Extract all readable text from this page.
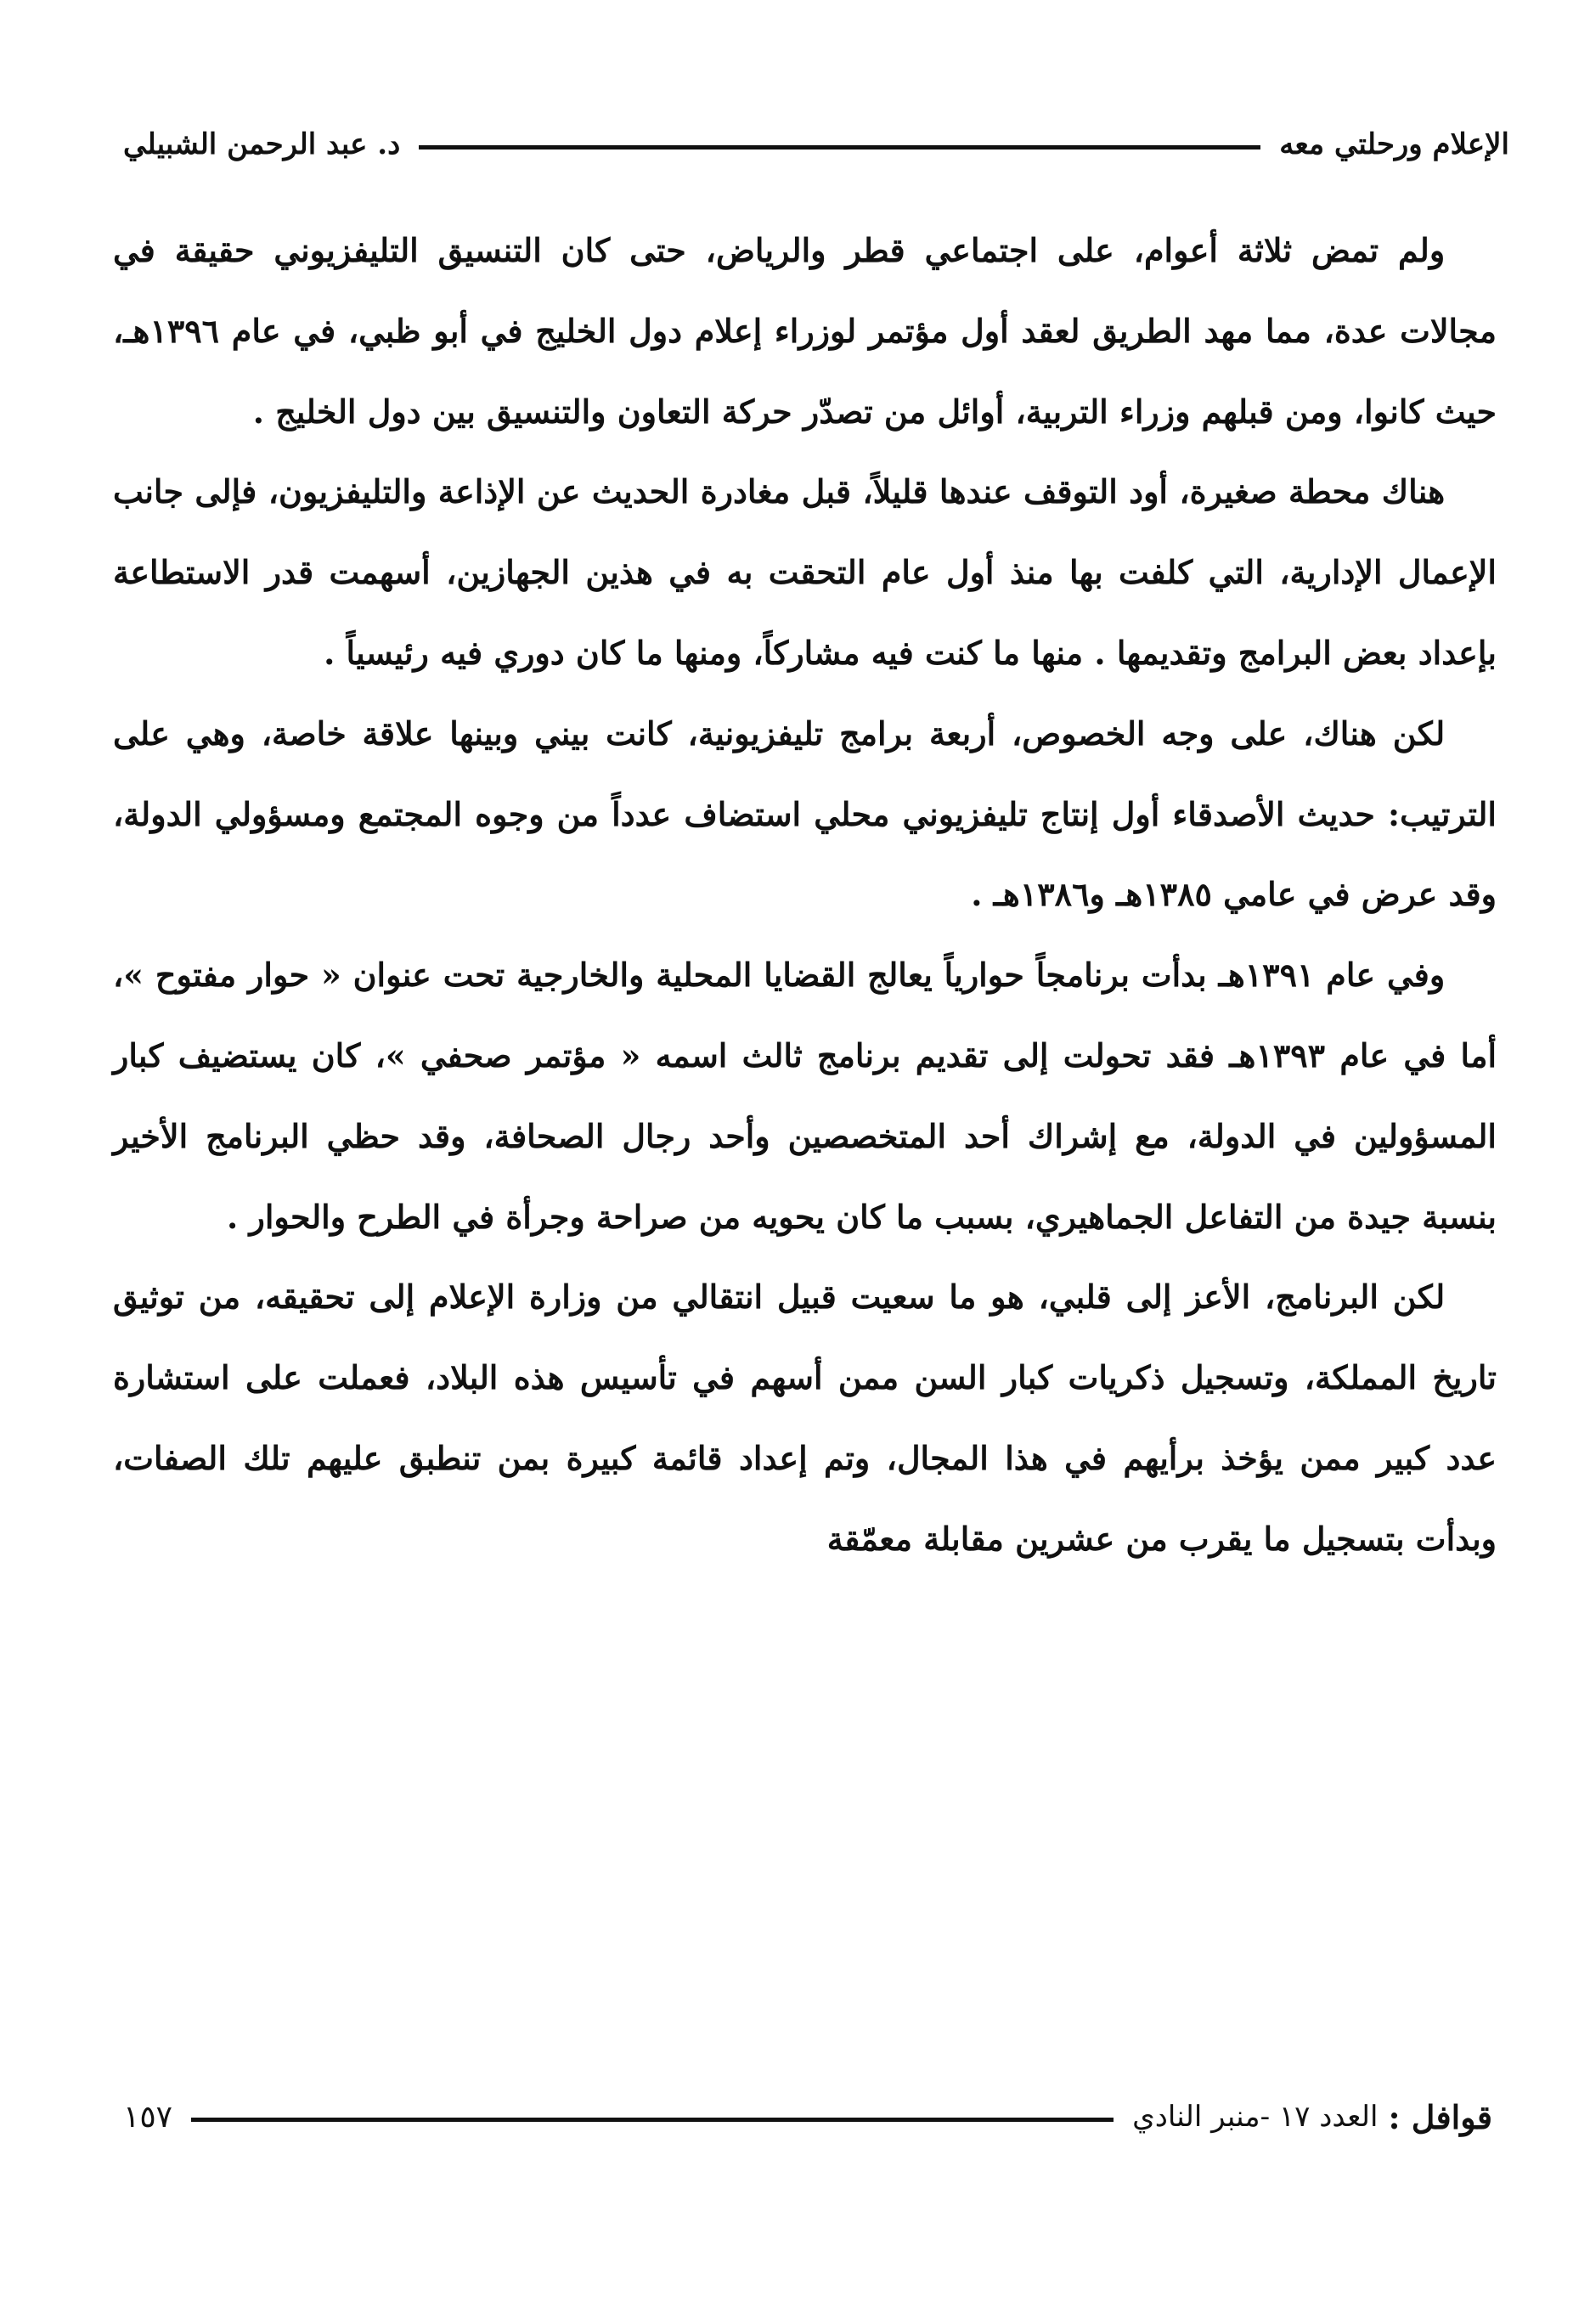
الإعلام ورحلتي معه
د. عبد الرحمن الشبيلي

ولم تمض ثلاثة أعوام، على اجتماعي قطر والرياض، حتى كان التنسيق التليفزيوني حقيقة في مجالات عدة، مما مهد الطريق لعقد أول مؤتمر لوزراء إعلام دول الخليج في أبو ظبي، في عام ١٣٩٦هـ، حيث كانوا، ومن قبلهم وزراء التربية، أوائل من تصدّر حركة التعاون والتنسيق بين دول الخليج .

هناك محطة صغيرة، أود التوقف عندها قليلاً، قبل مغادرة الحديث عن الإذاعة والتليفزيون، فإلى جانب الإعمال الإدارية، التي كلفت بها منذ أول عام التحقت به في هذين الجهازين، أسهمت قدر الاستطاعة بإعداد بعض البرامج وتقديمها . منها ما كنت فيه مشاركاً، ومنها ما كان دوري فيه رئيسياً .

لكن هناك، على وجه الخصوص، أربعة برامج تليفزيونية، كانت بيني وبينها علاقة خاصة، وهي على الترتيب: حديث الأصدقاء أول إنتاج تليفزيوني محلي استضاف عدداً من وجوه المجتمع ومسؤولي الدولة، وقد عرض في عامي ١٣٨٥هـ و١٣٨٦هـ .

وفي عام ١٣٩١هـ بدأت برنامجاً حوارياً يعالج القضايا المحلية والخارجية تحت عنوان « حوار مفتوح »، أما في عام ١٣٩٣هـ فقد تحولت إلى تقديم برنامج ثالث اسمه « مؤتمر صحفي »، كان يستضيف كبار المسؤولين في الدولة، مع إشراك أحد المتخصصين وأحد رجال الصحافة، وقد حظي البرنامج الأخير بنسبة جيدة من التفاعل الجماهيري، بسبب ما كان يحويه من صراحة وجرأة في الطرح والحوار .

لكن البرنامج، الأعز إلى قلبي، هو ما سعيت قبيل انتقالي من وزارة الإعلام إلى تحقيقه، من توثيق تاريخ المملكة، وتسجيل ذكريات كبار السن ممن أسهم في تأسيس هذه البلاد، فعملت على استشارة عدد كبير ممن يؤخذ برأيهم في هذا المجال، وتم إعداد قائمة كبيرة بمن تنطبق عليهم تلك الصفات، وبدأت بتسجيل ما يقرب من عشرين مقابلة معمّقة

قوافل :
العدد ١٧ -منبر النادي
١٥٧
